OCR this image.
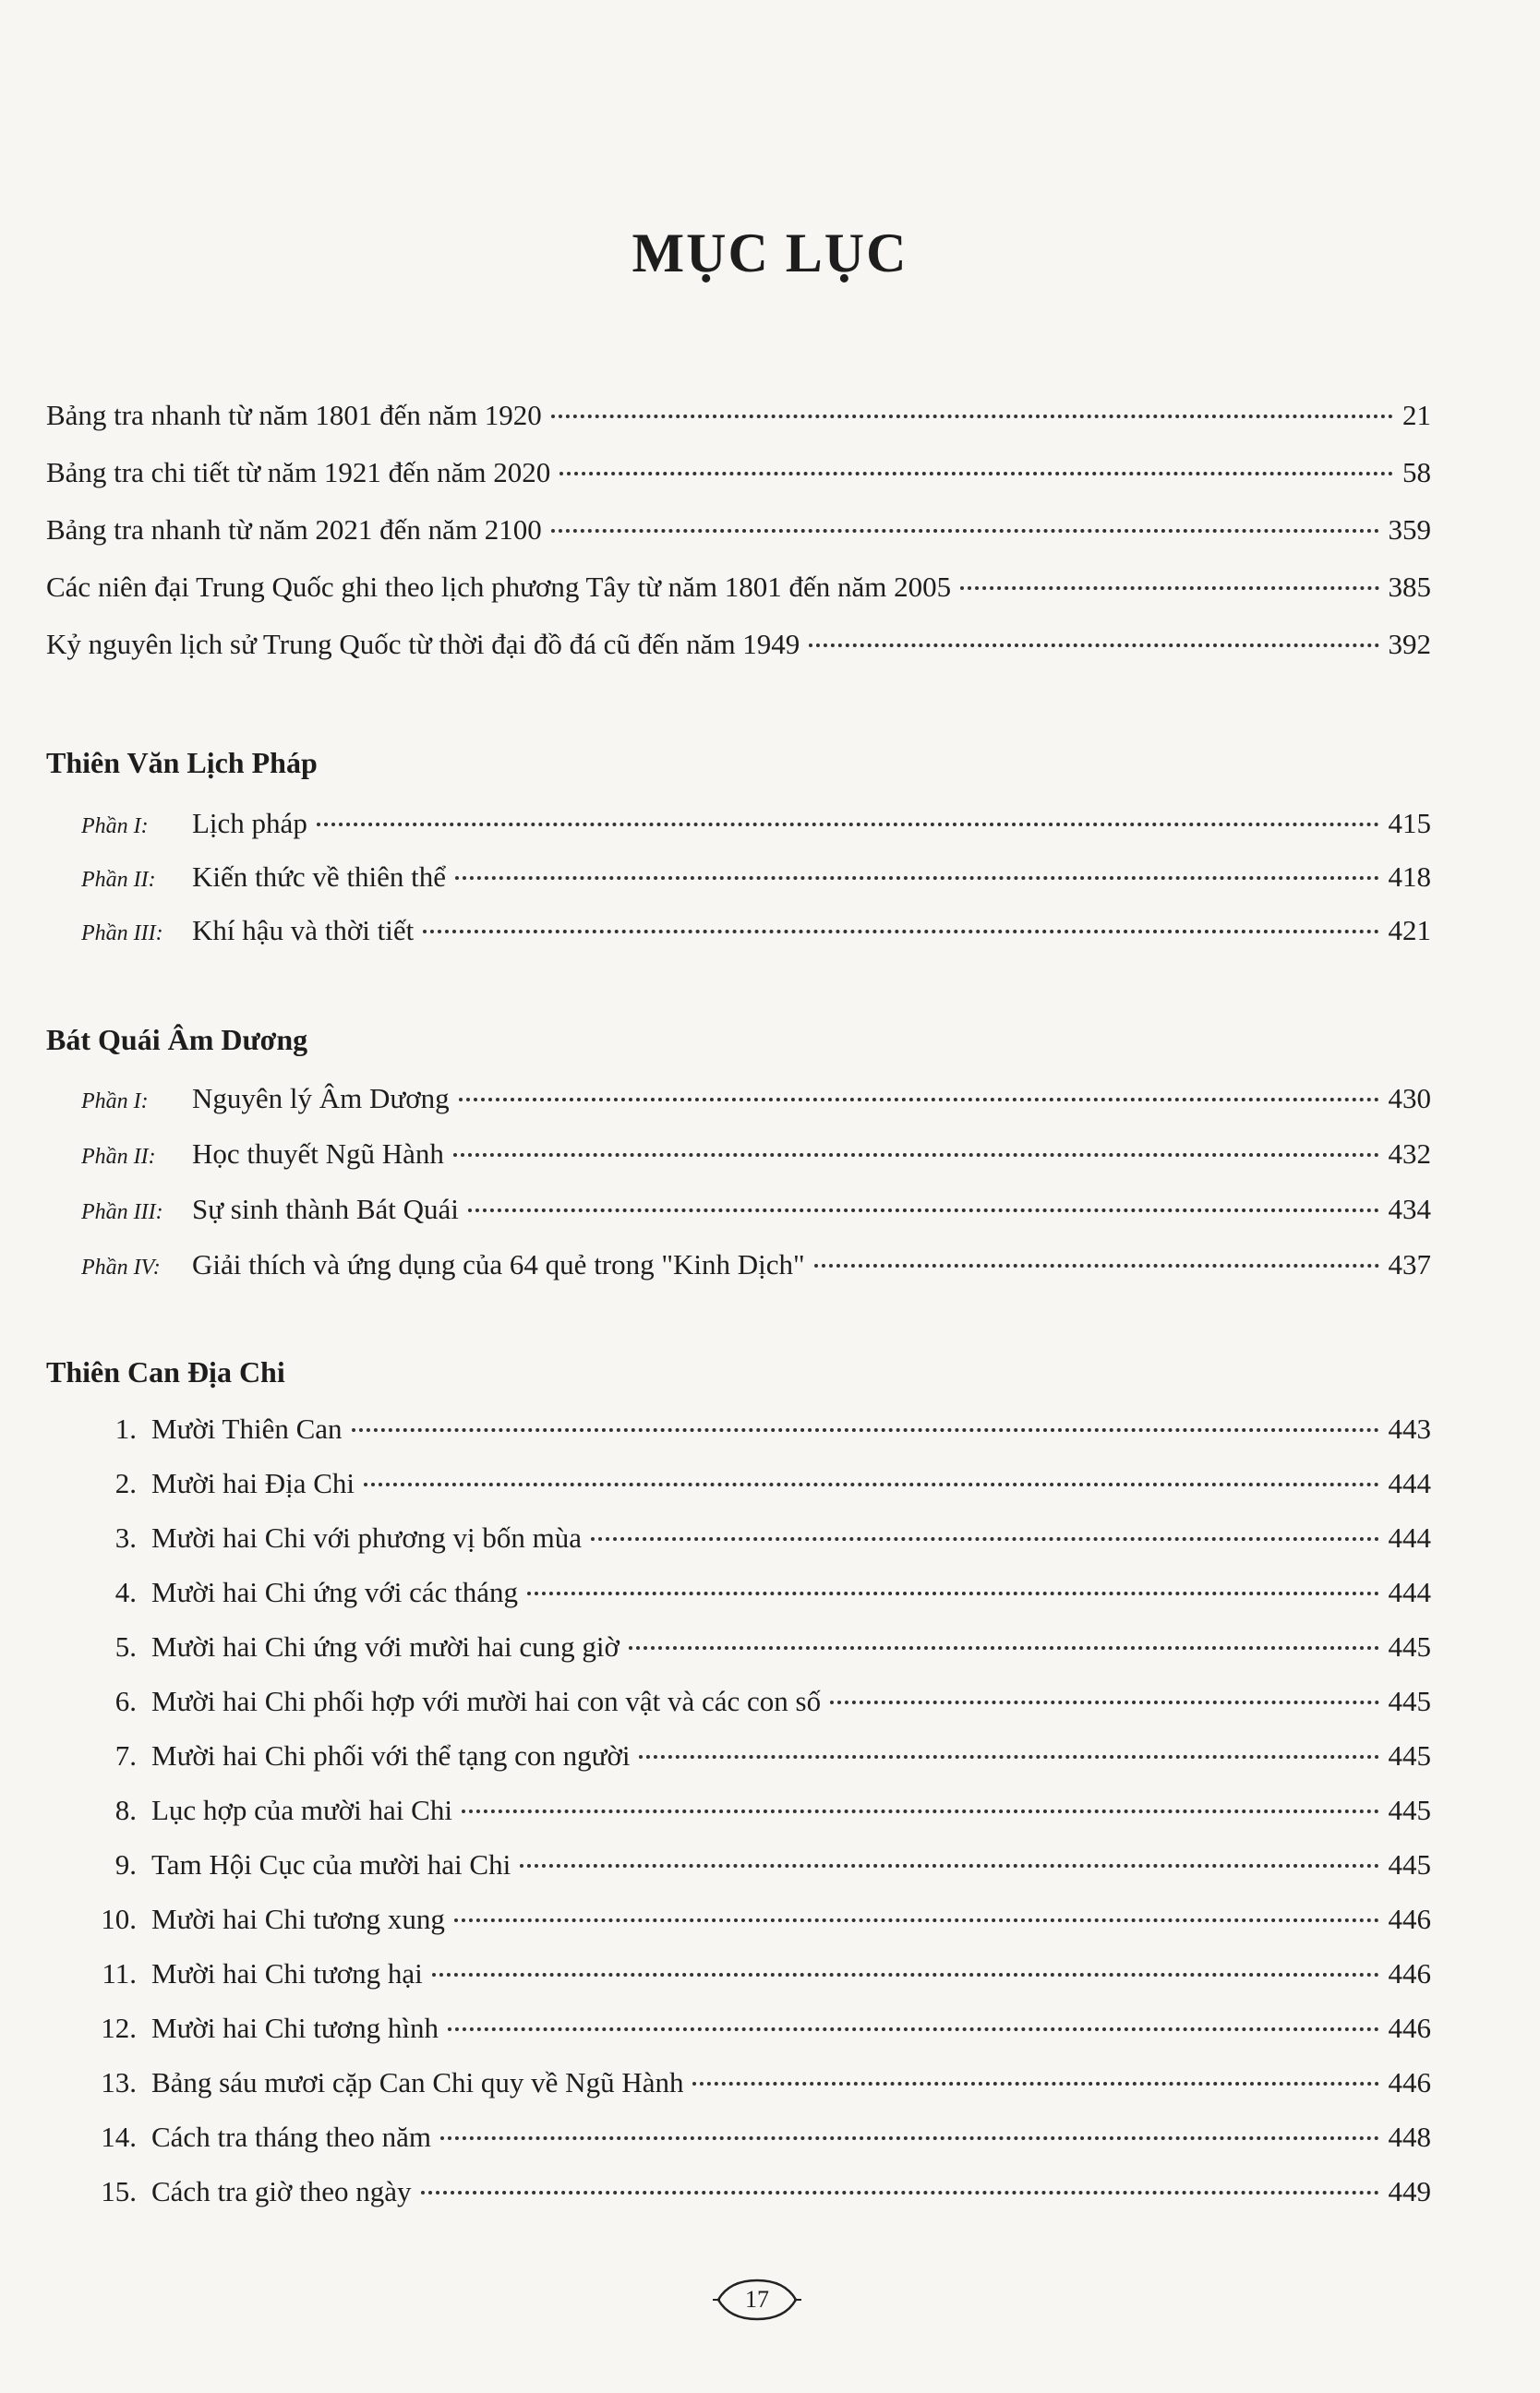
MỤC LỤC
Bảng tra nhanh từ năm 1801 đến năm 1920	21
Bảng tra chi tiết từ năm 1921 đến năm 2020	58
Bảng tra nhanh từ năm 2021 đến năm 2100	359
Các niên đại Trung Quốc ghi theo lịch phương Tây từ năm 1801 đến năm 2005	385
Kỷ nguyên lịch sử Trung Quốc từ thời đại đồ đá cũ đến năm 1949	392
Thiên Văn Lịch Pháp
Phần I:	Lịch pháp	415
Phần II:	Kiến thức về thiên thể	418
Phần III:	Khí hậu và thời tiết	421
Bát Quái Âm Dương
Phần I:	Nguyên lý Âm Dương	430
Phần II:	Học thuyết Ngũ Hành	432
Phần III:	Sự sinh thành Bát Quái	434
Phần IV:	Giải thích và ứng dụng của 64 quẻ trong "Kinh Dịch"	437
Thiên Can Địa Chi
1. Mười Thiên Can	443
2. Mười hai Địa Chi	444
3. Mười hai Chi với phương vị bốn mùa	444
4. Mười hai Chi ứng với các tháng	444
5. Mười hai Chi ứng với mười hai cung giờ	445
6. Mười hai Chi phối hợp với mười hai con vật và các con số	445
7. Mười hai Chi phối với thể tạng con người	445
8. Lục hợp của mười hai Chi	445
9. Tam Hội Cục của mười hai Chi	445
10. Mười hai Chi tương xung	446
11. Mười hai Chi tương hại	446
12. Mười hai Chi tương hình	446
13. Bảng sáu mươi cặp Can Chi quy về Ngũ Hành	446
14. Cách tra tháng theo năm	448
15. Cách tra giờ theo ngày	449
17
